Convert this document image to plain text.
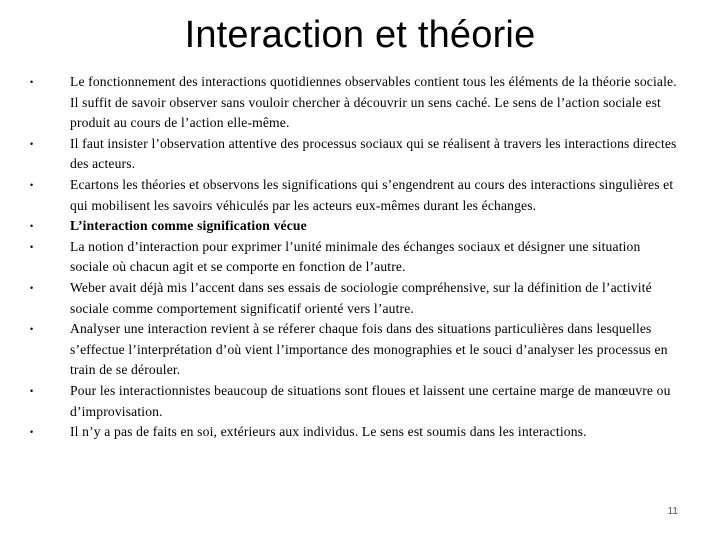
Interaction et théorie
•	Le fonctionnement des interactions quotidiennes observables contient tous les éléments de la théorie sociale. Il suffit de savoir observer sans vouloir chercher à découvrir un sens caché. Le sens de l’action sociale est produit au cours de l’action elle-même.
•	Il faut insister l’observation attentive des processus sociaux qui se réalisent à travers les interactions directes des acteurs.
•	Ecartons les théories et observons les significations qui s’engendrent au cours des interactions singulières et qui mobilisent les savoirs véhiculés par les acteurs eux-mêmes durant les échanges.
•	L’interaction comme signification vécue
•	La notion d’interaction pour exprimer l’unité minimale des échanges sociaux et désigner une situation sociale où chacun agit et se comporte en fonction de l’autre.
•	Weber avait déjà mis l’accent dans ses essais de sociologie compréhensive, sur la définition de l’activité sociale comme comportement significatif orienté vers l’autre.
•	Analyser une interaction revient à se réferer chaque fois dans des situations particulières dans lesquelles s’effectue l’interprétation d’où vient l’importance des monographies et le souci d’analyser les processus en train de se dérouler.
•	Pour les interactionnistes beaucoup de situations sont floues et laissent une certaine marge de manœuvre ou d’improvisation.
•	Il n’y a pas de faits en soi, extérieurs aux individus. Le sens est soumis dans les interactions.
11
